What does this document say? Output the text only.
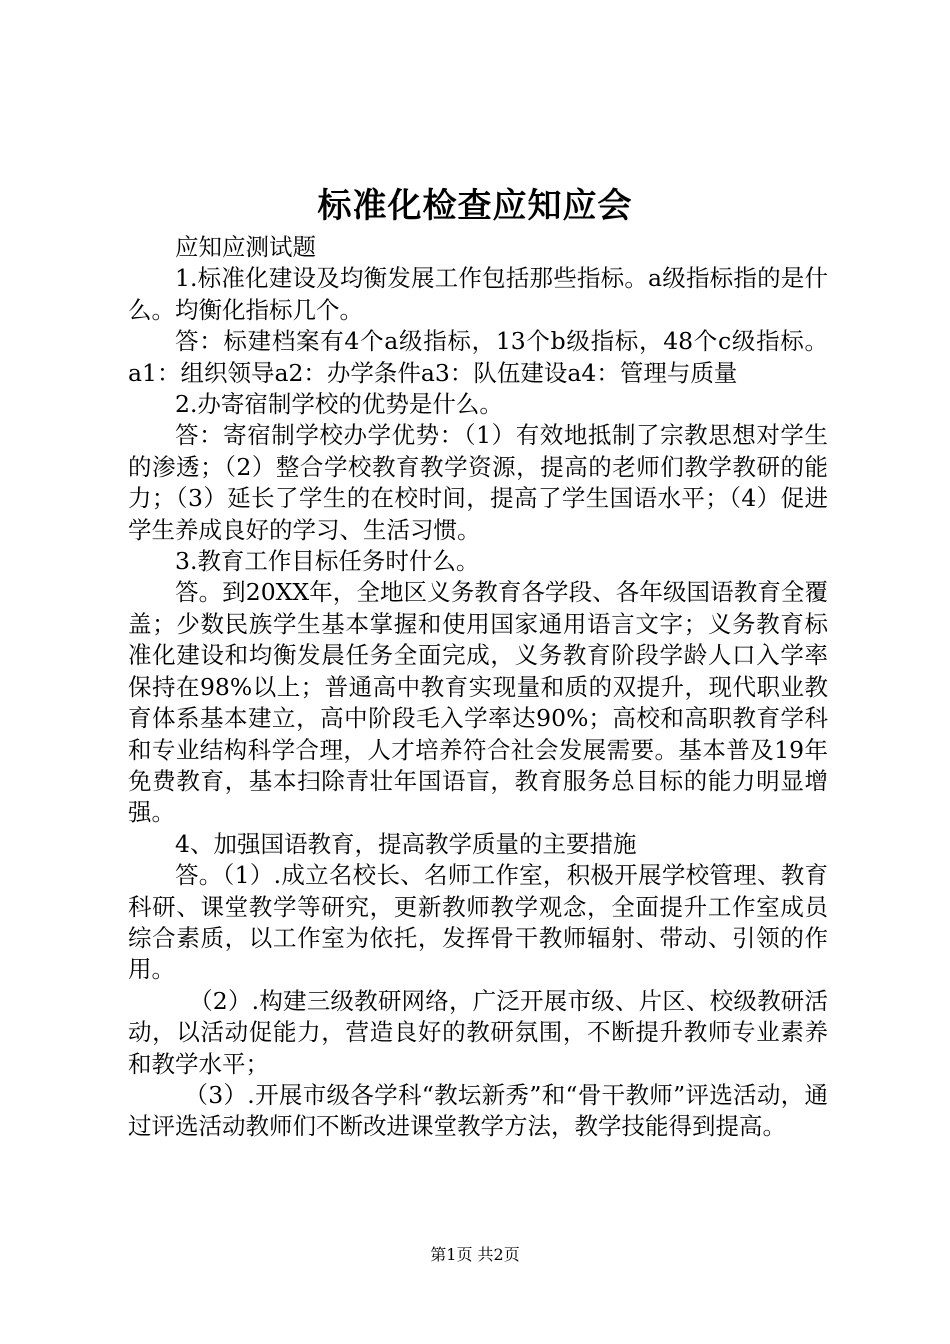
标准化检查应知应会

应知应测试题

1.标准化建设及均衡发展工作包括那些指标。a级指标指的是什么。均衡化指标几个。

答：标建档案有4个a级指标，13个b级指标，48个c级指标。a1：组织领导a2：办学条件a3：队伍建设a4：管理与质量

2.办寄宿制学校的优势是什么。

答：寄宿制学校办学优势：（1）有效地抵制了宗教思想对学生的渗透；（2）整合学校教育教学资源，提高的老师们教学教研的能力；（3）延长了学生的在校时间，提高了学生国语水平；（4）促进学生养成良好的学习、生活习惯。

3.教育工作目标任务时什么。

答。到20XX年，全地区义务教育各学段、各年级国语教育全覆盖；少数民族学生基本掌握和使用国家通用语言文字；义务教育标准化建设和均衡发晨任务全面完成，义务教育阶段学龄人口入学率保持在98%以上；普通高中教育实现量和质的双提升，现代职业教育体系基本建立，高中阶段毛入学率达90%；高校和高职教育学科和专业结构科学合理，人才培养符合社会发展需要。基本普及19年免费教育，基本扫除青壮年国语盲，教育服务总目标的能力明显增强。

4、加强国语教育，提高教学质量的主要措施

答。（1）.成立名校长、名师工作室，积极开展学校管理、教育科研、课堂教学等研究，更新教师教学观念，全面提升工作室成员综合素质，以工作室为依托，发挥骨干教师辐射、带动、引领的作用。

（2）.构建三级教研网络，广泛开展市级、片区、校级教研活动，以活动促能力，营造良好的教研氛围，不断提升教师专业素养和教学水平；

（3）.开展市级各学科“教坛新秀”和“骨干教师”评选活动，通过评选活动教师们不断改进课堂教学方法，教学技能得到提高。

第1页 共2页
